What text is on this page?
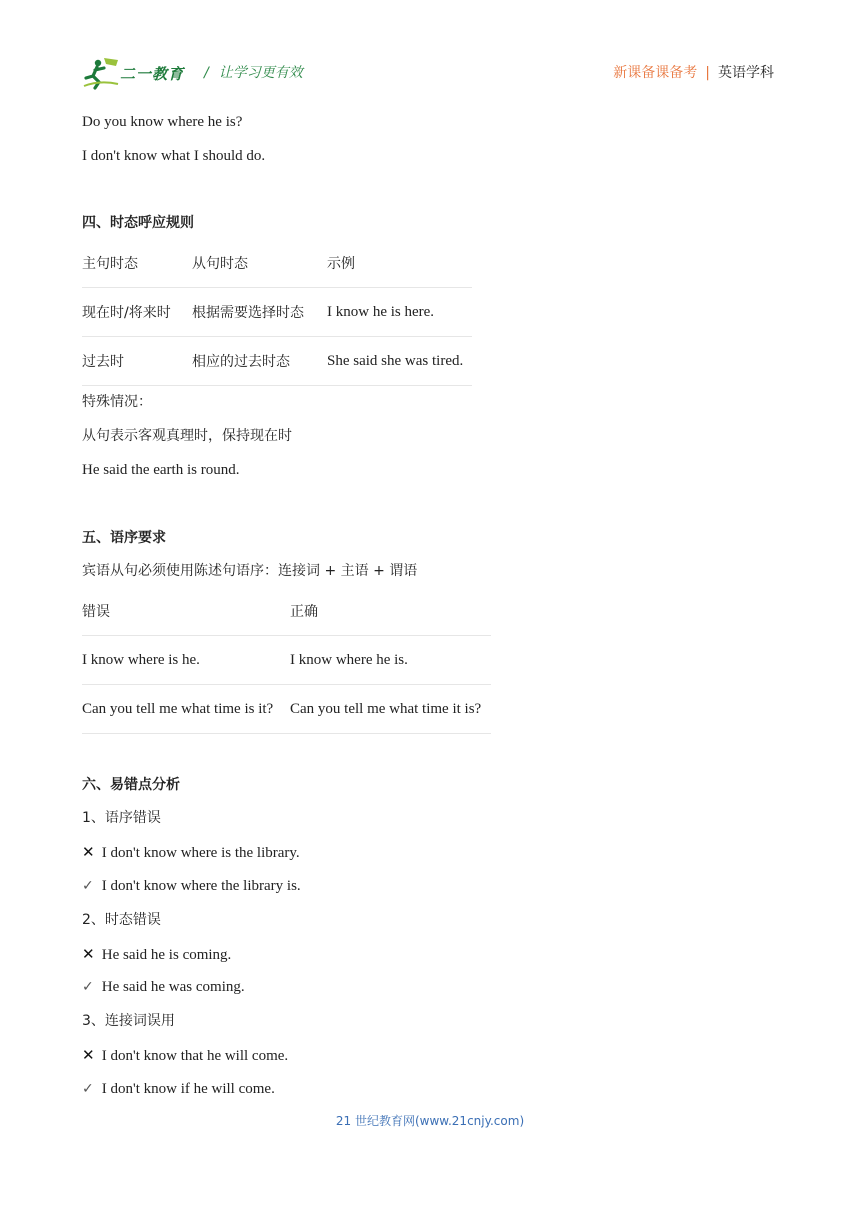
二一教育 / 让学习更有效	新课备课备考 | 英语学科
Do you know where he is?
I don't know what I should do.
四、时态呼应规则
主句时态	从句时态	示例
现在时/将来时	根据需要选择时态	I know he is here.
过去时	相应的过去时态	She said she was tired.
特殊情况：
从句表示客观真理时，保持现在时
He said the earth is round.
五、语序要求
宾语从句必须使用陈述句语序：连接词 + 主语 + 谓语
错误	正确
I know where is he.	I know where he is.
Can you tell me what time is it?	Can you tell me what time it is?
六、易错点分析
1、语序错误
✕ I don't know where is the library.
✓ I don't know where the library is.
2、时态错误
✕ He said he is coming.
✓ He said he was coming.
3、连接词误用
✕ I don't know that he will come.
✓ I don't know if he will come.
21 世纪教育网(www.21cnjy.com)
